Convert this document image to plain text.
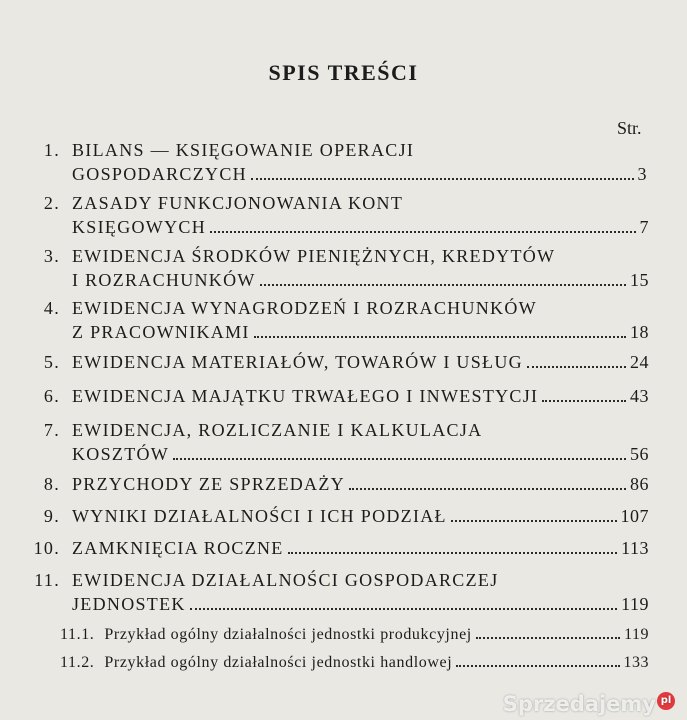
SPIS TREŚCI
Str.
1. BILANS — KSIĘGOWANIE OPERACJI
GOSPODARCZYCH	3
2. ZASADY FUNKCJONOWANIA KONT
KSIĘGOWYCH	7
3. EWIDENCJA ŚRODKÓW PIENIĘŻNYCH, KREDYTÓW
I ROZRACHUNKÓW	15
4. EWIDENCJA WYNAGRODZEŃ I ROZRACHUNKÓW
Z PRACOWNIKAMI	18
5. EWIDENCJA MATERIAŁÓW, TOWARÓW I USŁUG	24
6. EWIDENCJA MAJĄTKU TRWAŁEGO I INWESTYCJI	43
7. EWIDENCJA, ROZLICZANIE I KALKULACJA
KOSZTÓW	56
8. PRZYCHODY ZE SPRZEDAŻY	86
9. WYNIKI DZIAŁALNOŚCI I ICH PODZIAŁ	107
10. ZAMKNIĘCIA ROCZNE	113
11. EWIDENCJA DZIAŁALNOŚCI GOSPODARCZEJ
JEDNOSTEK	119
11.1. Przykład ogólny działalności jednostki produkcyjnej	119
11.2. Przykład ogólny działalności jednostki handlowej	133
Sprzedajemy pl
